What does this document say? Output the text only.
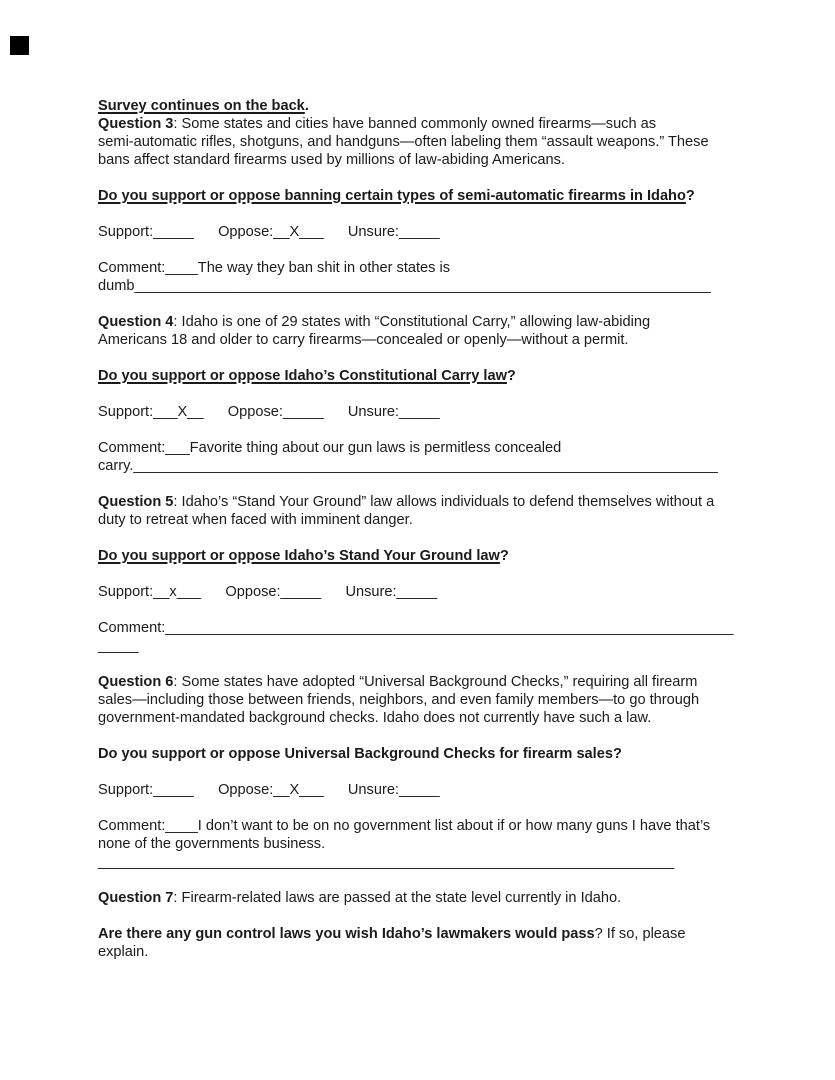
Survey continues on the back.
Question 3: Some states and cities have banned commonly owned firearms—such as
semi-automatic rifles, shotguns, and handguns—often labeling them “assault weapons.” These
bans affect standard firearms used by millions of law-abiding Americans.
Do you support or oppose banning certain types of semi-automatic firearms in Idaho?
Support:_____      Oppose:__X___      Unsure:_____
Comment:____The way they ban shit in other states is
dumb_______________________________________________________________________
Question 4: Idaho is one of 29 states with “Constitutional Carry,” allowing law-abiding
Americans 18 and older to carry firearms—concealed or openly—without a permit.
Do you support or oppose Idaho’s Constitutional Carry law?
Support:___X__      Oppose:_____      Unsure:_____
Comment:___Favorite thing about our gun laws is permitless concealed
carry.________________________________________________________________________
Question 5: Idaho’s “Stand Your Ground” law allows individuals to defend themselves without a
duty to retreat when faced with imminent danger.
Do you support or oppose Idaho’s Stand Your Ground law?
Support:__x___      Oppose:_____      Unsure:_____
Comment:______________________________________________________________________
_____
Question 6: Some states have adopted “Universal Background Checks,” requiring all firearm
sales—including those between friends, neighbors, and even family members—to go through
government-mandated background checks. Idaho does not currently have such a law.
Do you support or oppose Universal Background Checks for firearm sales?
Support:_____      Oppose:__X___      Unsure:_____
Comment:____I don’t want to be on no government list about if or how many guns I have that’s
none of the governments business.
_______________________________________________________________________
Question 7: Firearm-related laws are passed at the state level currently in Idaho.
Are there any gun control laws you wish Idaho’s lawmakers would pass? If so, please
explain.
